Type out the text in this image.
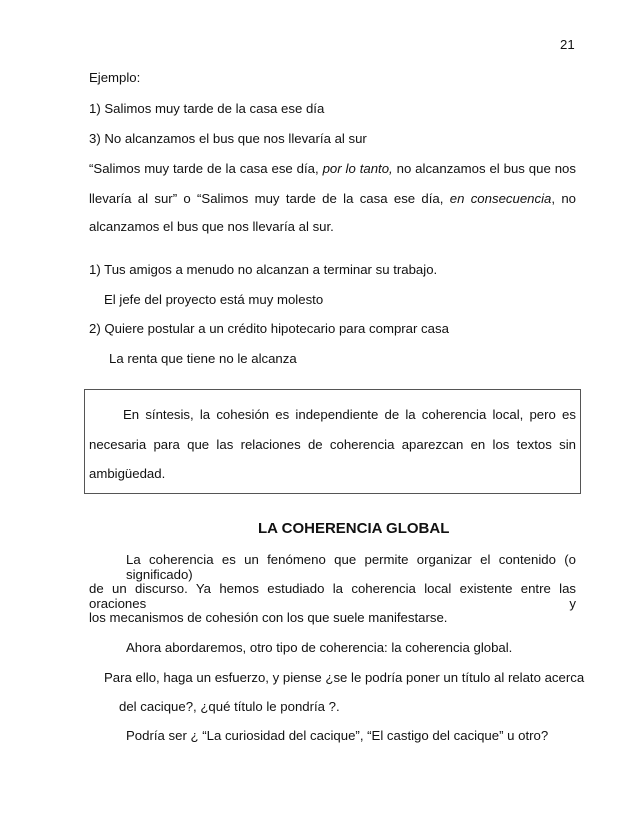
21
Ejemplo:
1) Salimos muy tarde de la casa ese día
3) No alcanzamos el bus que nos llevaría al sur
“Salimos muy tarde de la casa ese día, por lo tanto, no alcanzamos el bus que nos
llevaría al sur” o “Salimos muy tarde de la casa ese día, en consecuencia, no
alcanzamos el bus que nos llevaría al sur.
1) Tus amigos a menudo no alcanzan a terminar su trabajo.
El jefe del proyecto está muy molesto
2) Quiere postular a un crédito hipotecario para comprar casa
La renta que tiene no le alcanza
En síntesis, la cohesión es independiente de la coherencia local, pero es
necesaria para que las relaciones de coherencia aparezcan en los textos sin
ambigüedad.
LA COHERENCIA GLOBAL
La coherencia es un fenómeno que permite organizar el contenido (o significado)
de un discurso. Ya hemos estudiado la coherencia local existente entre las oraciones y
los mecanismos de cohesión con los que suele manifestarse.
Ahora abordaremos, otro tipo de coherencia: la coherencia global.
Para ello, haga un esfuerzo, y piense ¿se le podría poner un título al relato acerca
del cacique?, ¿qué título le pondría ?.
Podría ser ¿ “La curiosidad del cacique”, “El castigo del cacique” u otro?
